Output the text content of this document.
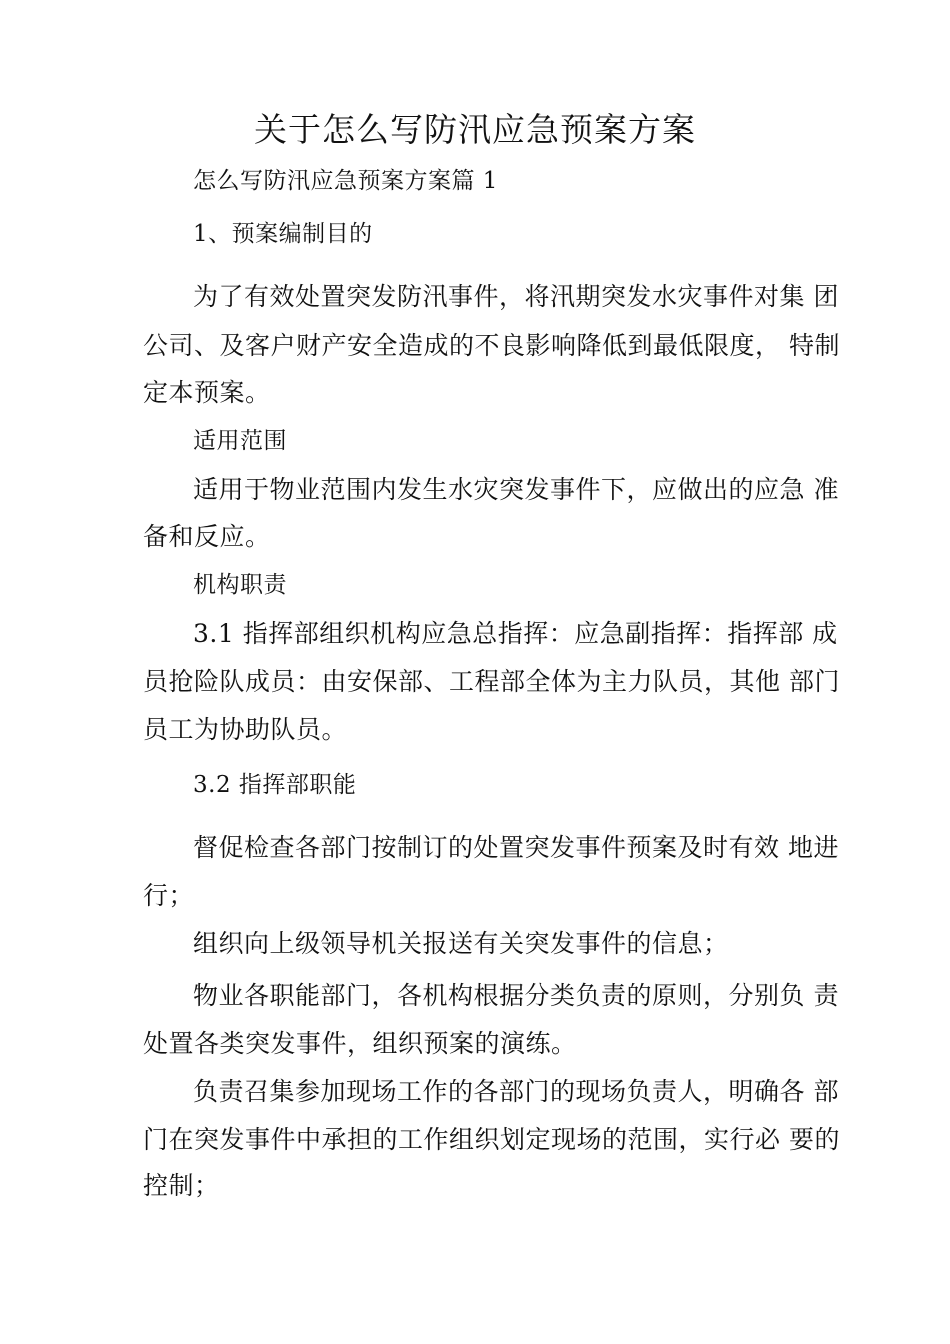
关于怎么写防汛应急预案方案
怎么写防汛应急预案方案篇 1
1、预案编制目的
为了有效处置突发防汛事件，将汛期突发水灾事件对集 团
公司、及客户财产安全造成的不良影响降低到最低限度， 特制
定本预案。
适用范围
适用于物业范围内发生水灾突发事件下，应做出的应急 准
备和反应。
机构职责
3.1 指挥部组织机构应急总指挥：应急副指挥：指挥部 成
员抢险队成员：由安保部、工程部全体为主力队员，其他 部门
员工为协助队员。
3.2 指挥部职能
督促检查各部门按制订的处置突发事件预案及时有效 地进
行；
组织向上级领导机关报送有关突发事件的信息；
物业各职能部门，各机构根据分类负责的原则，分别负 责
处置各类突发事件，组织预案的演练。
负责召集参加现场工作的各部门的现场负责人，明确各 部
门在突发事件中承担的工作组织划定现场的范围，实行必 要的
控制；
